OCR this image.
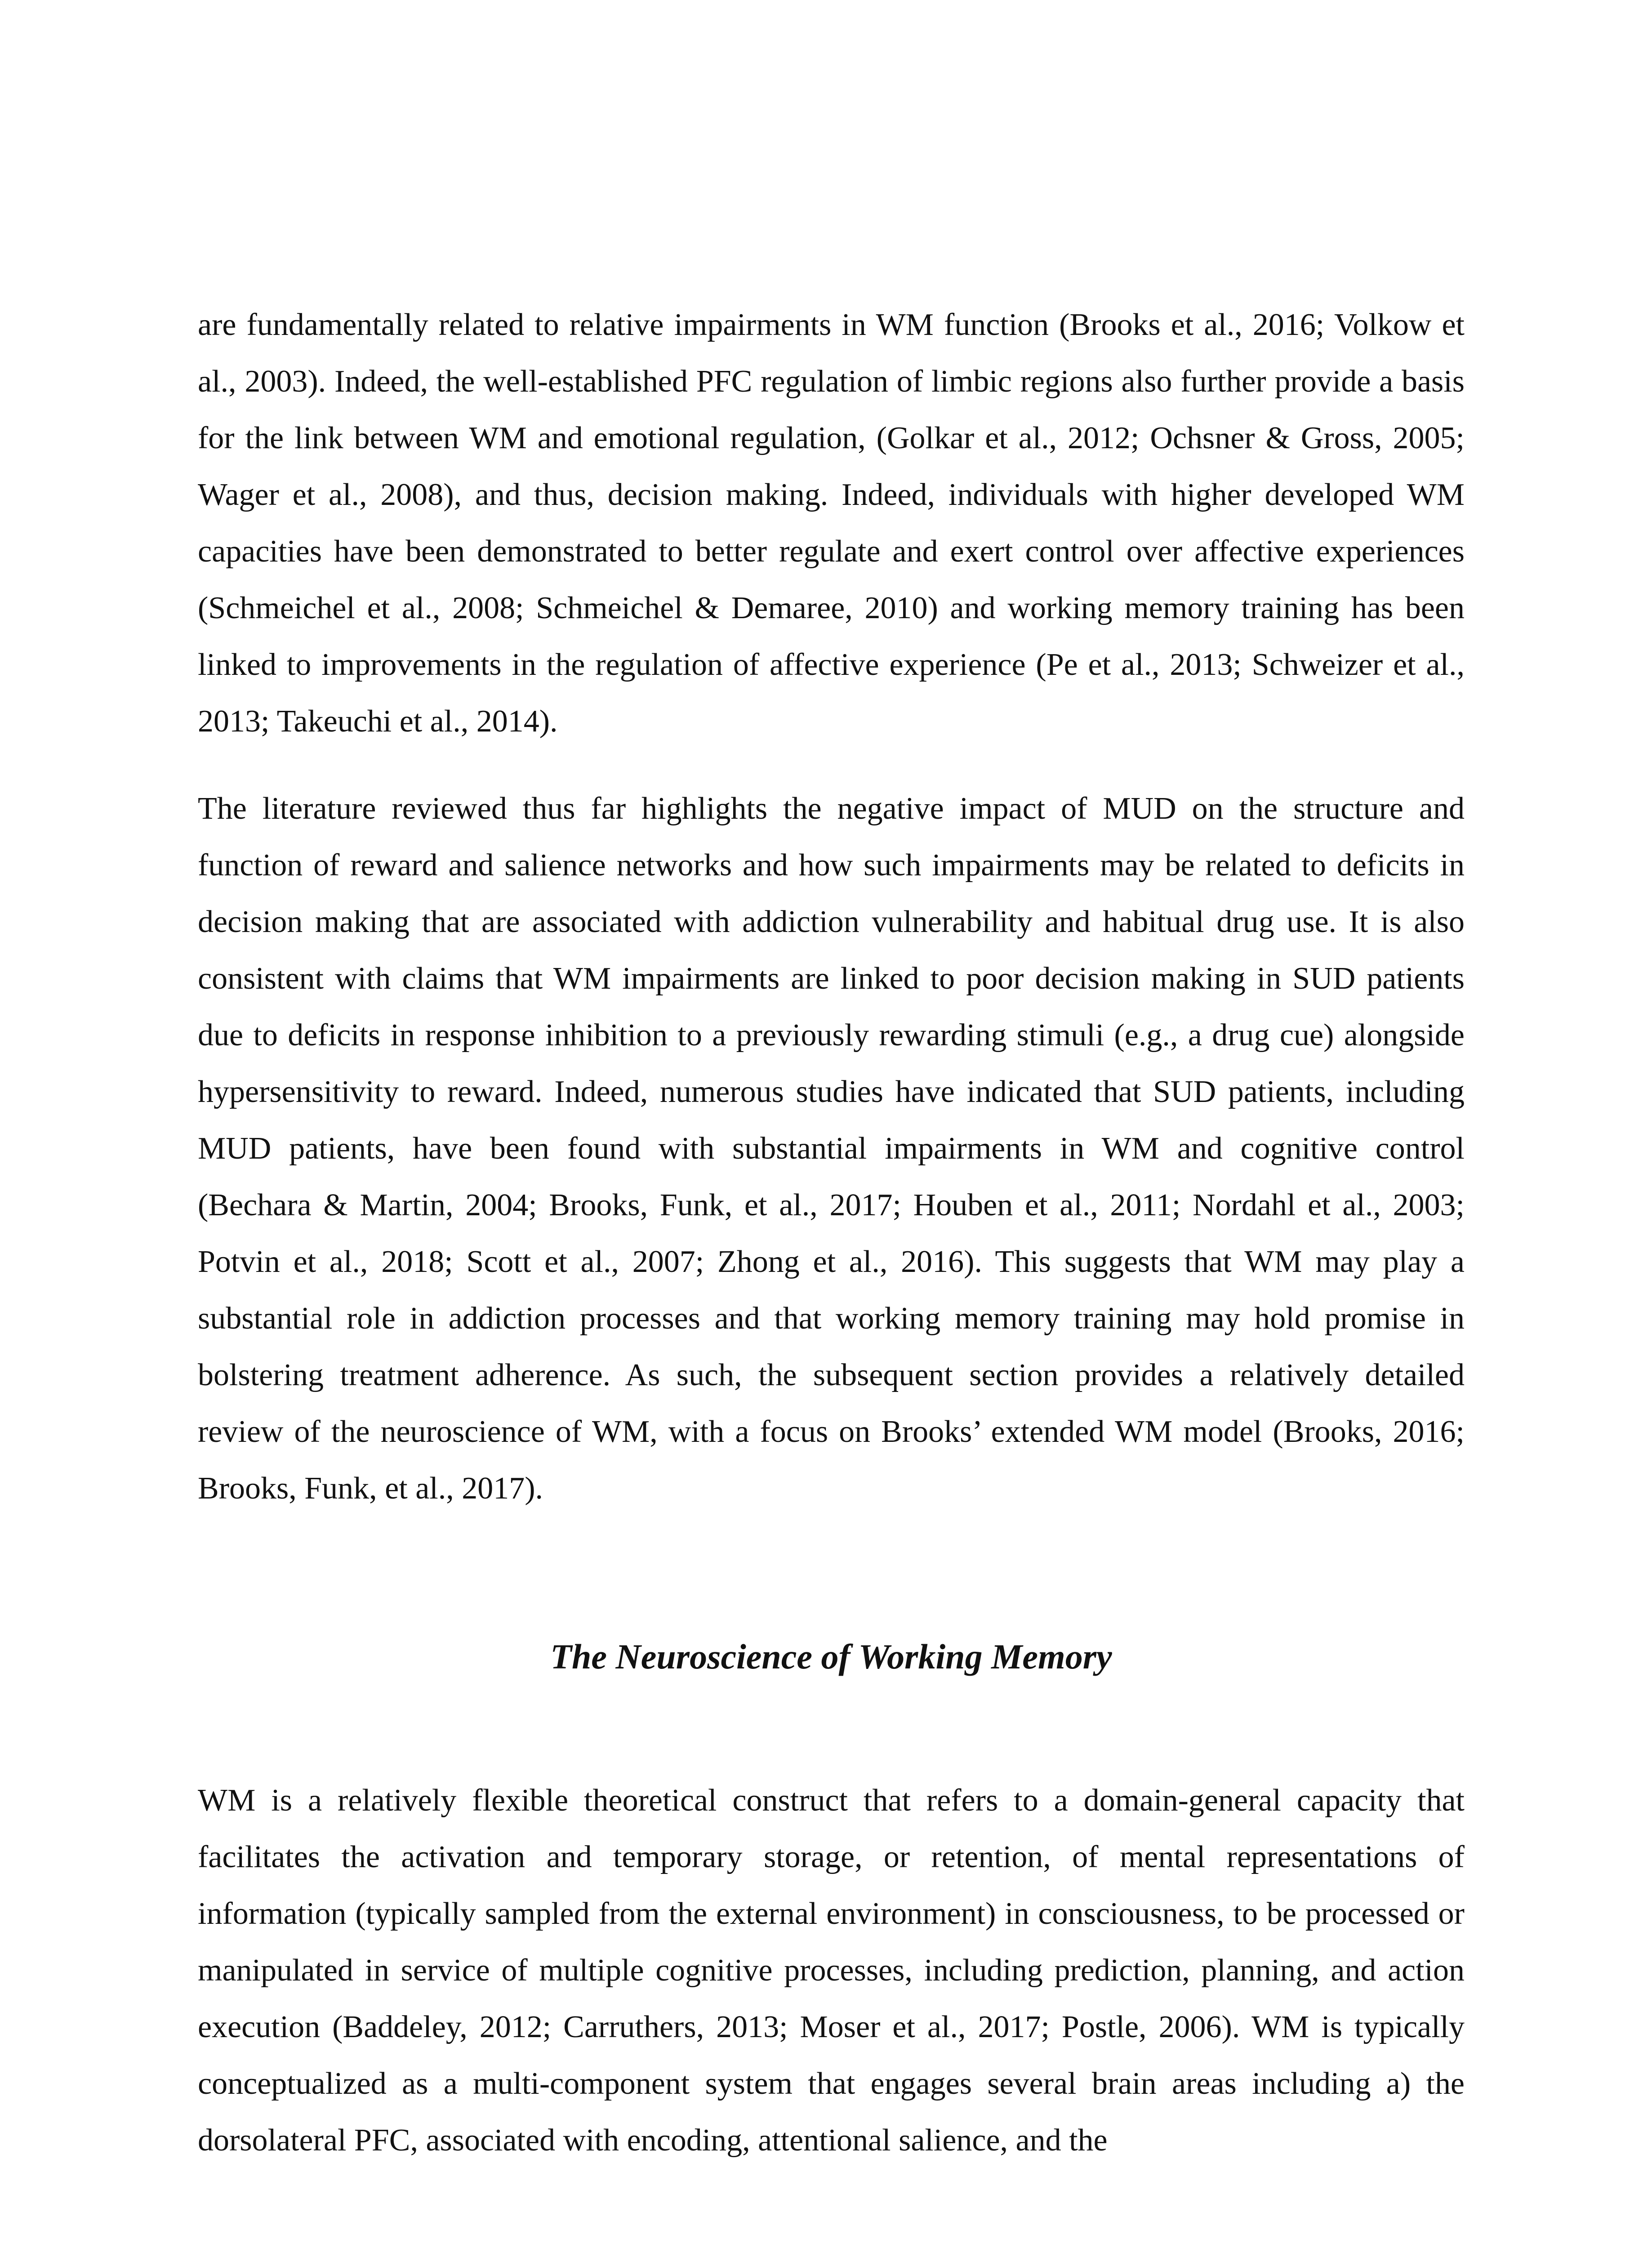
are fundamentally related to relative impairments in WM function (Brooks et al., 2016; Volkow et al., 2003). Indeed, the well-established PFC regulation of limbic regions also further provide a basis for the link between WM and emotional regulation, (Golkar et al., 2012; Ochsner & Gross, 2005; Wager et al., 2008), and thus, decision making. Indeed, individuals with higher developed WM capacities have been demonstrated to better regulate and exert control over affective experiences (Schmeichel et al., 2008; Schmeichel & Demaree, 2010) and working memory training has been linked to improvements in the regulation of affective experience (Pe et al., 2013; Schweizer et al., 2013; Takeuchi et al., 2014).

The literature reviewed thus far highlights the negative impact of MUD on the structure and function of reward and salience networks and how such impairments may be related to deficits in decision making that are associated with addiction vulnerability and habitual drug use. It is also consistent with claims that WM impairments are linked to poor decision making in SUD patients due to deficits in response inhibition to a previously rewarding stimuli (e.g., a drug cue) alongside hypersensitivity to reward. Indeed, numerous studies have indicated that SUD patients, including MUD patients, have been found with substantial impairments in WM and cognitive control (Bechara & Martin, 2004; Brooks, Funk, et al., 2017; Houben et al., 2011; Nordahl et al., 2003; Potvin et al., 2018; Scott et al., 2007; Zhong et al., 2016). This suggests that WM may play a substantial role in addiction processes and that working memory training may hold promise in bolstering treatment adherence. As such, the subsequent section provides a relatively detailed review of the neuroscience of WM, with a focus on Brooks’ extended WM model (Brooks, 2016; Brooks, Funk, et al., 2017).

The Neuroscience of Working Memory

WM is a relatively flexible theoretical construct that refers to a domain-general capacity that facilitates the activation and temporary storage, or retention, of mental representations of information (typically sampled from the external environment) in consciousness, to be processed or manipulated in service of multiple cognitive processes, including prediction, planning, and action execution (Baddeley, 2012; Carruthers, 2013; Moser et al., 2017; Postle, 2006). WM is typically conceptualized as a multi-component system that engages several brain areas including a) the dorsolateral PFC, associated with encoding, attentional salience, and the
